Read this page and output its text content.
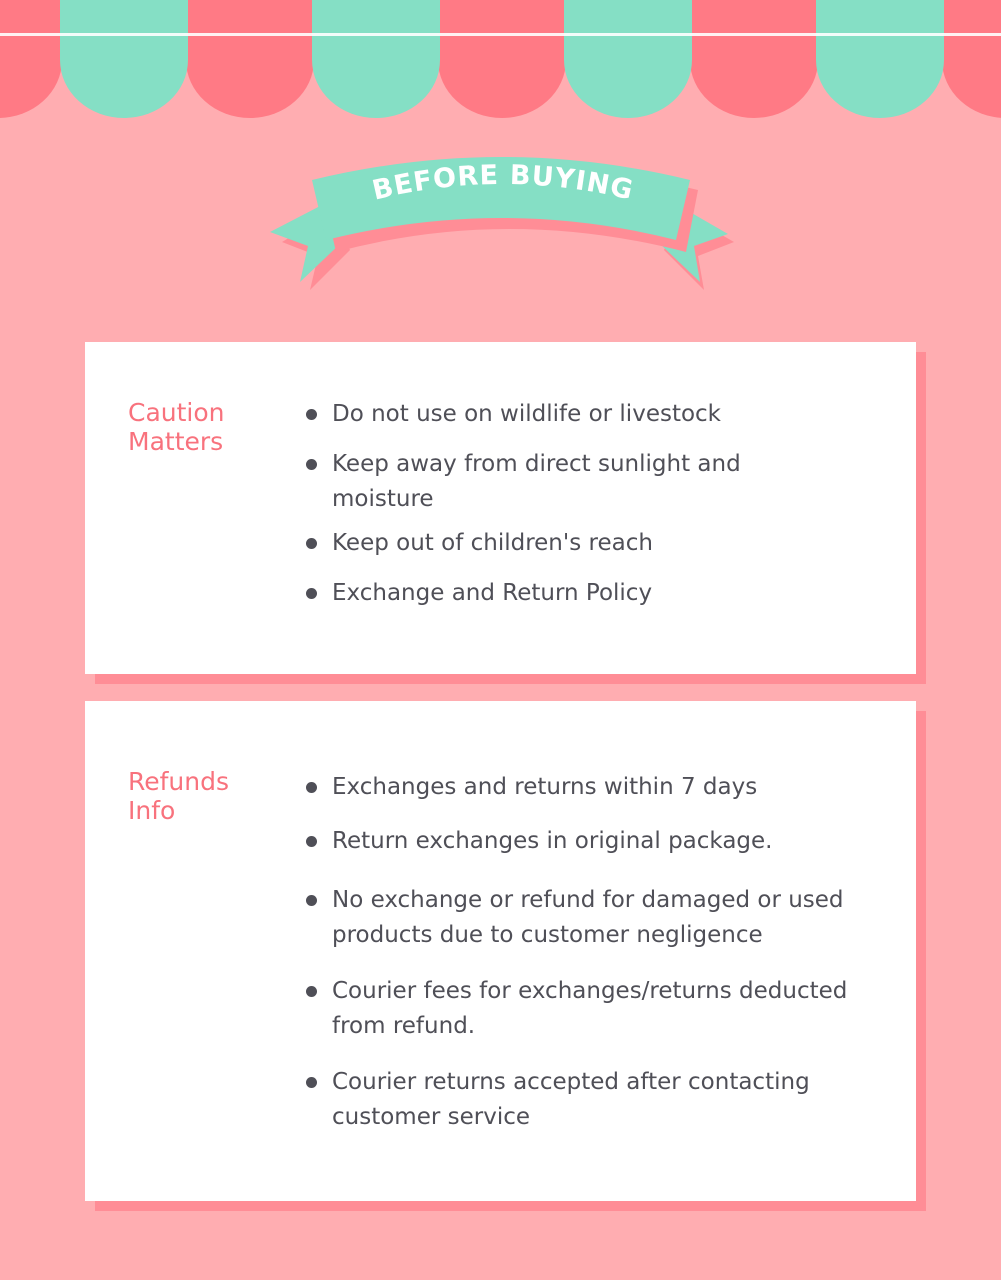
BEFORE BUYING
Caution
Matters
Do not use on wildlife or livestock
Keep away from direct sunlight and moisture
Keep out of children's reach
Exchange and Return Policy
Refunds
Info
Exchanges and returns within 7 days
Return exchanges in original package.
No exchange or refund for damaged or used products due to customer negligence
Courier fees for exchanges/returns deducted from refund.
Courier returns accepted after contacting customer service
